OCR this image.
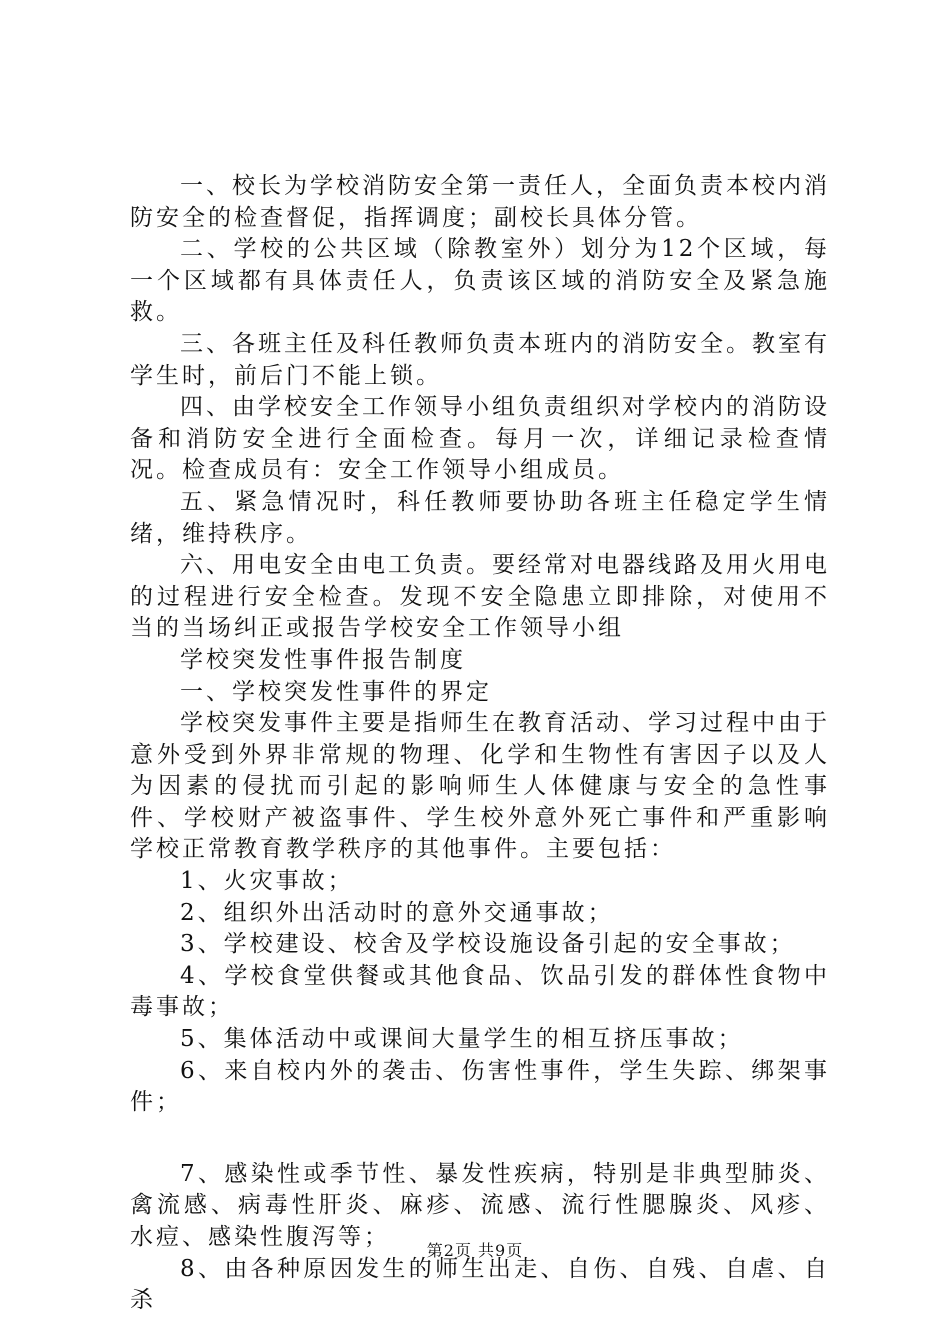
一、校长为学校消防安全第一责任人，全面负责本校内消防安全的检查督促，指挥调度；副校长具体分管。

二、学校的公共区域（除教室外）划分为12个区域，每一个区域都有具体责任人，负责该区域的消防安全及紧急施救。

三、各班主任及科任教师负责本班内的消防安全。教室有学生时，前后门不能上锁。

四、由学校安全工作领导小组负责组织对学校内的消防设备和消防安全进行全面检查。每月一次，详细记录检查情况。检查成员有：安全工作领导小组成员。

五、紧急情况时，科任教师要协助各班主任稳定学生情绪，维持秩序。

六、用电安全由电工负责。要经常对电器线路及用火用电的过程进行安全检查。发现不安全隐患立即排除，对使用不当的当场纠正或报告学校安全工作领导小组

学校突发性事件报告制度

一、学校突发性事件的界定

学校突发事件主要是指师生在教育活动、学习过程中由于意外受到外界非常规的物理、化学和生物性有害因子以及人为因素的侵扰而引起的影响师生人体健康与安全的急性事件、学校财产被盗事件、学生校外意外死亡事件和严重影响学校正常教育教学秩序的其他事件。主要包括：

1、火灾事故；

2、组织外出活动时的意外交通事故；

3、学校建设、校舍及学校设施设备引起的安全事故；

4、学校食堂供餐或其他食品、饮品引发的群体性食物中毒事故；

5、集体活动中或课间大量学生的相互挤压事故；

6、来自校内外的袭击、伤害性事件，学生失踪、绑架事件；

7、感染性或季节性、暴发性疾病，特别是非典型肺炎、禽流感、病毒性肝炎、麻疹、流感、流行性腮腺炎、风疹、水痘、感染性腹泻等；

8、由各种原因发生的师生出走、自伤、自残、自虐、自杀

第2页 共9页
